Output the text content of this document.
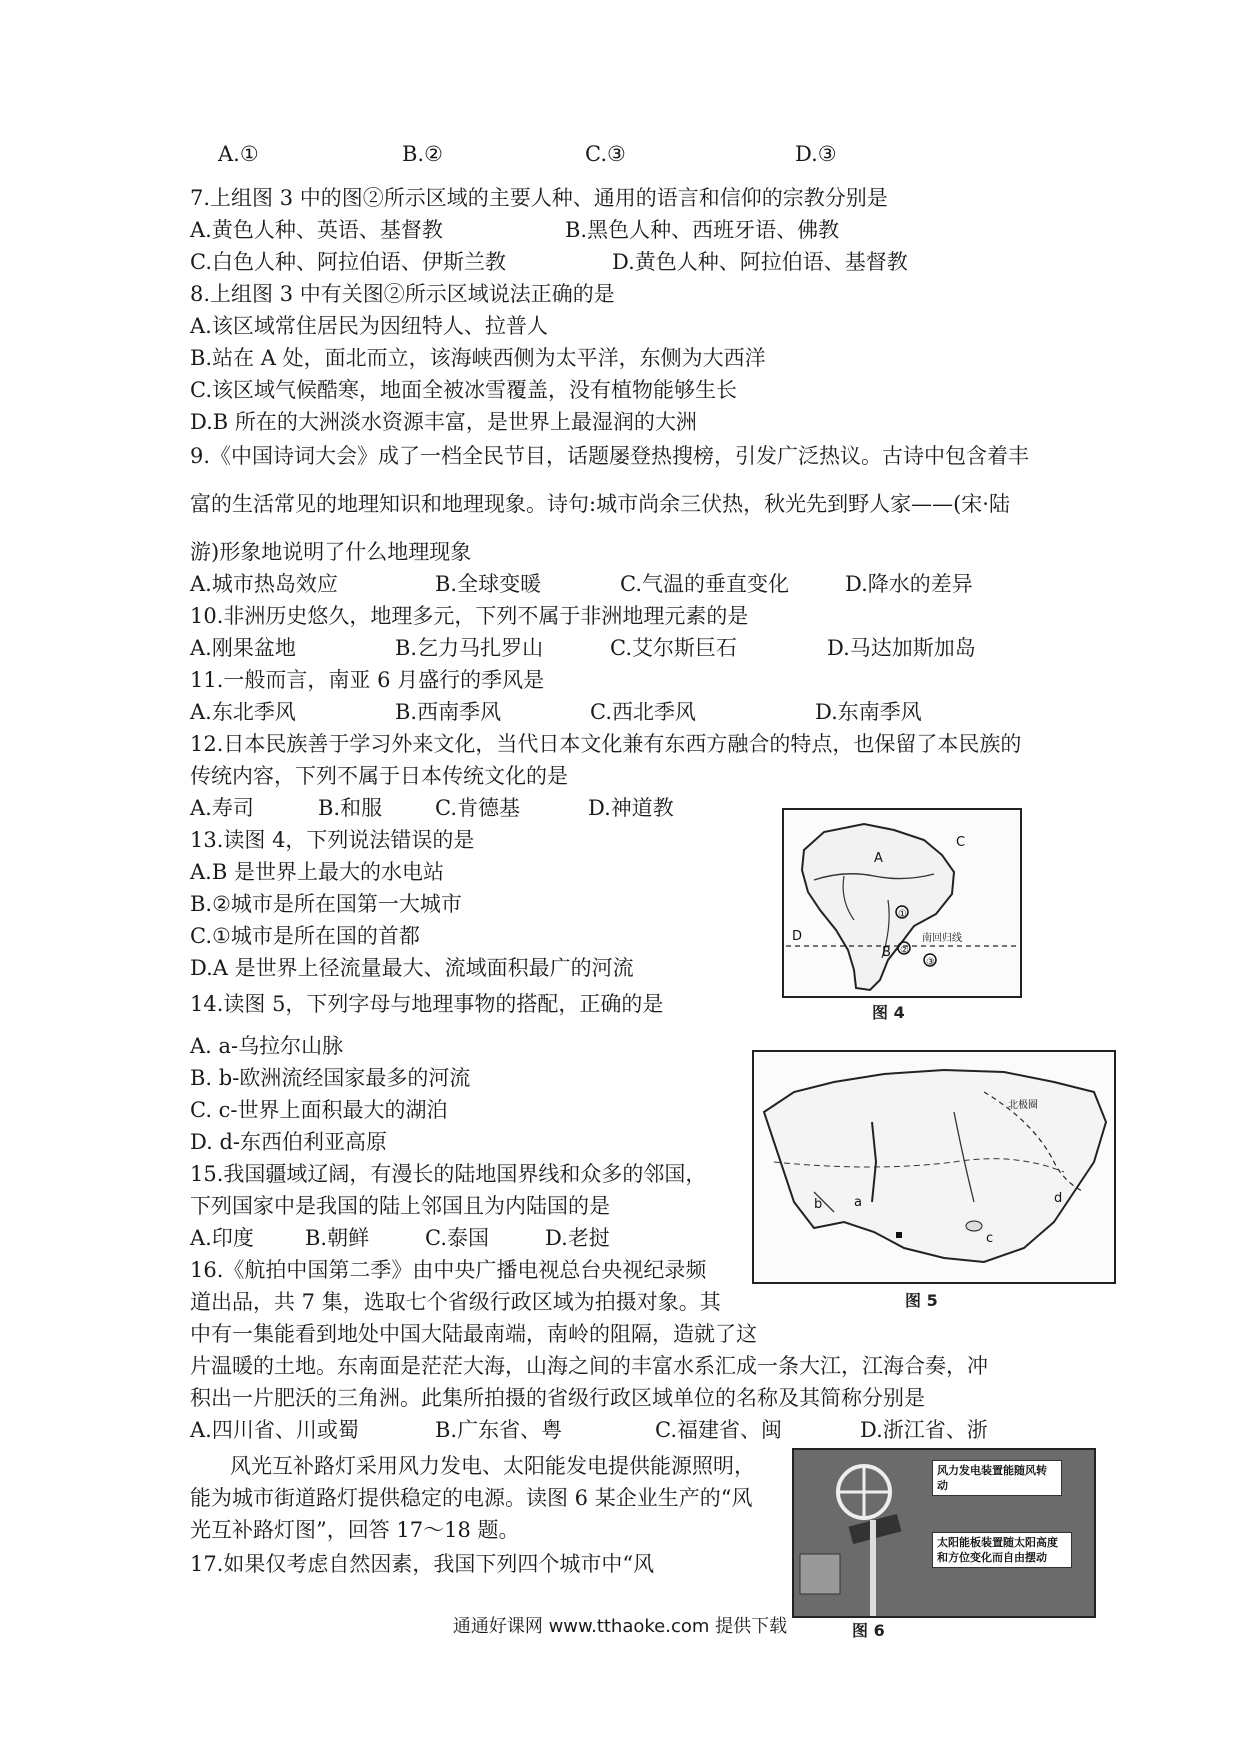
A.①	B.②	C.③	D.③
7.上组图 3 中的图②所示区域的主要人种、通用的语言和信仰的宗教分别是
A.黄色人种、英语、基督教	B.黑色人种、西班牙语、佛教
C.白色人种、阿拉伯语、伊斯兰教	D.黄色人种、阿拉伯语、基督教
8.上组图 3 中有关图②所示区域说法正确的是
A.该区域常住居民为因纽特人、拉普人
B.站在 A 处，面北而立，该海峡西侧为太平洋，东侧为大西洋
C.该区域气候酷寒，地面全被冰雪覆盖，没有植物能够生长
D.B 所在的大洲淡水资源丰富，是世界上最湿润的大洲
9.《中国诗词大会》成了一档全民节目，话题屡登热搜榜，引发广泛热议。古诗中包含着丰
富的生活常见的地理知识和地理现象。诗句:城市尚余三伏热，秋光先到野人家——(宋·陆
游)形象地说明了什么地理现象
A.城市热岛效应	B.全球变暖	C.气温的垂直变化	D.降水的差异
10.非洲历史悠久，地理多元，下列不属于非洲地理元素的是
A.刚果盆地	B.乞力马扎罗山	C.艾尔斯巨石	D.马达加斯加岛
11.一般而言，南亚 6 月盛行的季风是
A.东北季风	B.西南季风	C.西北季风	D.东南季风
12.日本民族善于学习外来文化，当代日本文化兼有东西方融合的特点，也保留了本民族的
传统内容，下列不属于日本传统文化的是
A.寿司	B.和服	C.肯德基	D.神道教
13.读图 4，下列说法错误的是
A.B 是世界上最大的水电站
B.②城市是所在国第一大城市
C.①城市是所在国的首都
D.A 是世界上径流量最大、流域面积最广的河流
A
B
C
D
①
②
③
南回归线
图 4
14.读图 5，下列字母与地理事物的搭配，正确的是
A. a-乌拉尔山脉
B. b-欧洲流经国家最多的河流
C. c-世界上面积最大的湖泊
D. d-东西伯利亚高原
a
b
c
d
北极圈
图 5
15.我国疆域辽阔，有漫长的陆地国界线和众多的邻国，
下列国家中是我国的陆上邻国且为内陆国的是
A.印度 B.朝鲜	C.泰国	D.老挝
16.《航拍中国第二季》由中央广播电视总台央视纪录频
道出品，共 7 集，选取七个省级行政区域为拍摄对象。其
中有一集能看到地处中国大陆最南端，南岭的阻隔，造就了这
片温暖的土地。东南面是茫茫大海，山海之间的丰富水系汇成一条大江，江海合奏，冲
积出一片肥沃的三角洲。此集所拍摄的省级行政区域单位的名称及其简称分别是
A.四川省、川或蜀	B.广东省、粤	C.福建省、闽	D.浙江省、浙
风光互补路灯采用风力发电、太阳能发电提供能源照明，
能为城市街道路灯提供稳定的电源。读图 6 某企业生产的“风
光互补路灯图”，回答 17～18 题。
17.如果仅考虑自然因素，我国下列四个城市中“风
风力发电装置能随风转动
太阳能板装置随太阳高度和方位变化而自由摆动
图 6
通通好课网 www.tthaoke.com 提供下载
